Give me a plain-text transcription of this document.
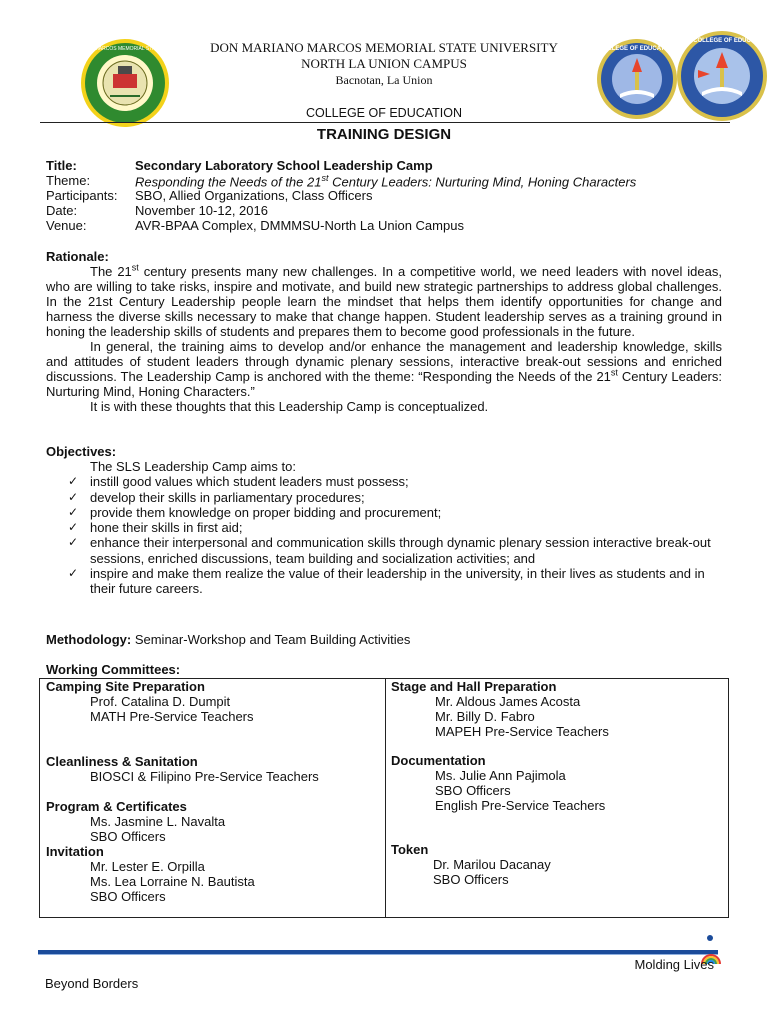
DON MARIANO MARCOS MEMORIAL STATE UNIVERSITY	COLLEGE OF EDUCATION
COLLEGE OF EDUC
DON MARIANO MARCOS MEMORIAL STATE UNIVERSITY
NORTH LA UNION CAMPUS
Bacnotan, La Union
COLLEGE OF EDUCATION
TRAINING DESIGN
Title:	Secondary Laboratory School Leadership Camp
Theme:	Responding the Needs of the 21st Century Leaders: Nurturing Mind, Honing Characters
Participants: SBO, Allied Organizations, Class Officers
Date:	November 10-12, 2016
Venue:	AVR-BPAA Complex, DMMMSU-North La Union Campus
Rationale:

The 21st century presents many new challenges. In a competitive world, we need leaders with novel ideas, who are willing to take risks, inspire and motivate, and build new strategic partnerships to address global challenges. In the 21st Century Leadership people learn the mindset that helps them identify opportunities for change and harness the diverse skills necessary to make that change happen. Student leadership serves as a training ground in honing the leadership skills of students and prepares them to become good professionals in the future.

In general, the training aims to develop and/or enhance the management and leadership knowledge, skills and attitudes of student leaders through dynamic plenary sessions, interactive break-out sessions and enriched discussions. The Leadership Camp is anchored with the theme: “Responding the Needs of the 21st Century Leaders: Nurturing Mind, Honing Characters.”

It is with these thoughts that this Leadership Camp is conceptualized.

Objectives:
The SLS Leadership Camp aims to:
✓ instill good values which student leaders must possess;
✓ develop their skills in parliamentary procedures;
✓ provide them knowledge on proper bidding and procurement;
✓ hone their skills in first aid;
✓ enhance their interpersonal and communication skills through dynamic plenary session interactive break-out sessions, enriched discussions, team building and socialization activities; and
✓ inspire and make them realize the value of their leadership in the university, in their lives as students and in their future careers.
Methodology: Seminar-Workshop and Team Building Activities
Working Committees:
Camping Site Preparation
Prof. Catalina D. Dumpit
MATH Pre-Service Teachers
Cleanliness & Sanitation
BIOSCI & Filipino Pre-Service Teachers
Program & Certificates
Ms. Jasmine L. Navalta
SBO Officers
Invitation
Mr. Lester E. Orpilla
Ms. Lea Lorraine N. Bautista
SBO Officers
Stage and Hall Preparation
Mr. Aldous James Acosta
Mr. Billy D. Fabro
MAPEH Pre-Service Teachers
Documentation
Ms. Julie Ann Pajimola
SBO Officers
English Pre-Service Teachers
Token
Dr. Marilou Dacanay
SBO Officers
Molding Lives
Beyond Borders
